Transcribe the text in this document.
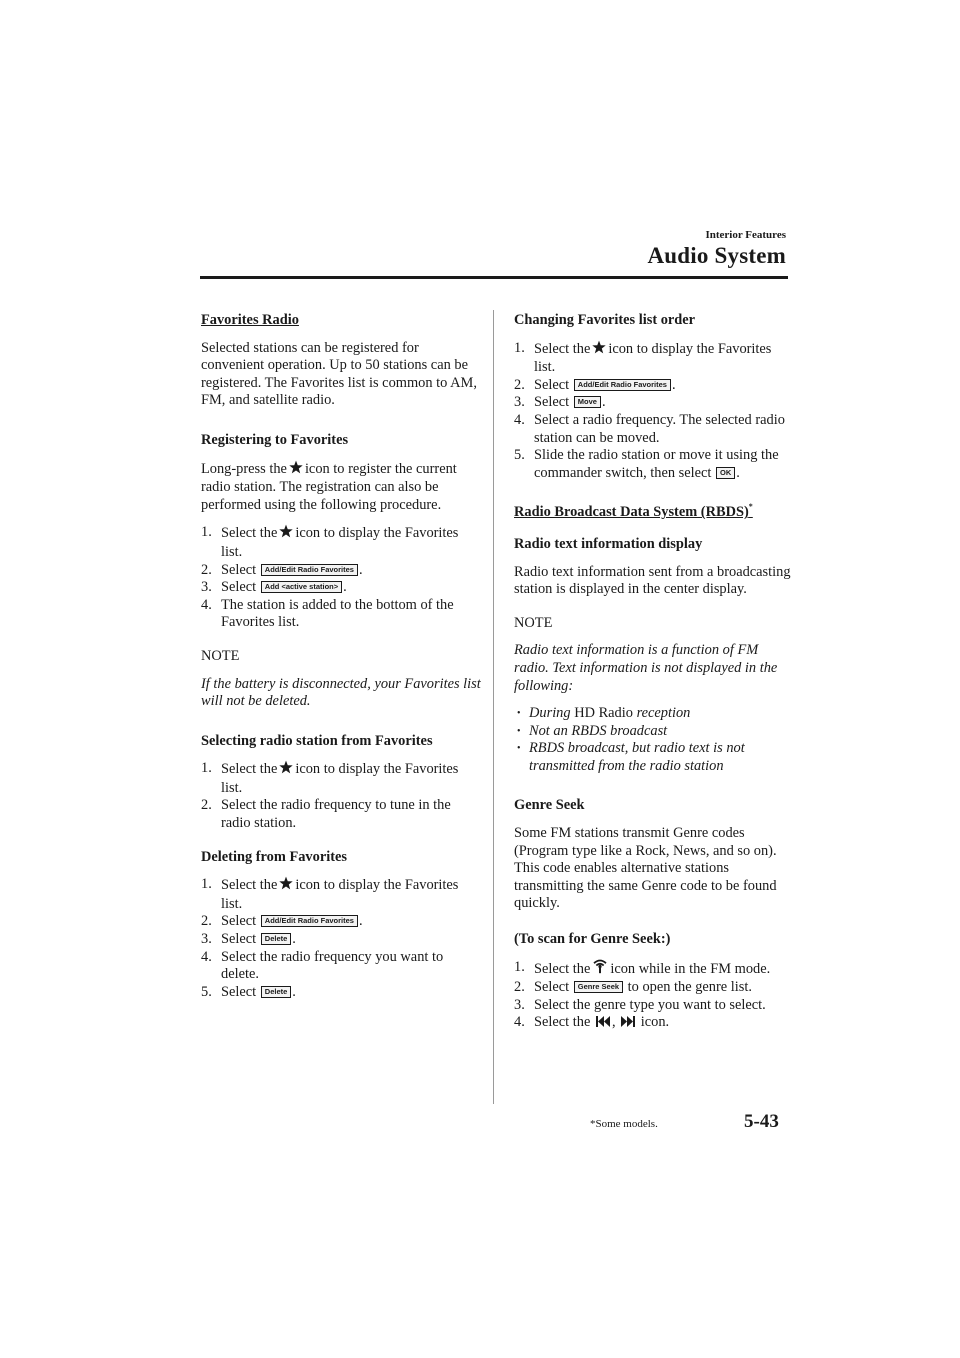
Interior Features
Audio System
Favorites Radio

Selected stations can be registered for convenient operation. Up to 50 stations can be registered. The Favorites list is common to AM, FM, and satellite radio.

Registering to Favorites

Long-press the icon to register the current radio station. The registration can also be performed using the following procedure.

1. Select the icon to display the Favorites list.
2. Select Add/Edit Radio Favorites .
3. Select Add <active station> .
4. The station is added to the bottom of the Favorites list.
NOTE
If the battery is disconnected, your Favorites list will not be deleted.
Selecting radio station from Favorites
1. Select the icon to display the Favorites list.
2. Select the radio frequency to tune in the radio station.
Deleting from Favorites
1. Select the icon to display the Favorites list.
2. Select Add/Edit Radio Favorites .
3. Select Delete .
4. Select the radio frequency you want to delete.
5. Select Delete .
Changing Favorites list order
1. Select the icon to display the Favorites list.
2. Select Add/Edit Radio Favorites .
3. Select Move .
4. Select a radio frequency. The selected radio station can be moved.
5. Slide the radio station or move it using the commander switch, then select OK .
Radio Broadcast Data System (RBDS)*
Radio text information display

Radio text information sent from a broadcasting station is displayed in the center display.

NOTE
Radio text information is a function of FM radio. Text information is not displayed in the following:
• During HD Radio reception
• Not an RBDS broadcast
• RBDS broadcast, but radio text is not transmitted from the radio station
Genre Seek

Some FM stations transmit Genre codes (Program type like a Rock, News, and so on). This code enables alternative stations transmitting the same Genre code to be found quickly.

(To scan for Genre Seek:)
1. Select the icon while in the FM mode.
2. Select Genre Seek to open the genre list.
3. Select the genre type you want to select.
4. Select the , icon.
*Some models.	5-43
